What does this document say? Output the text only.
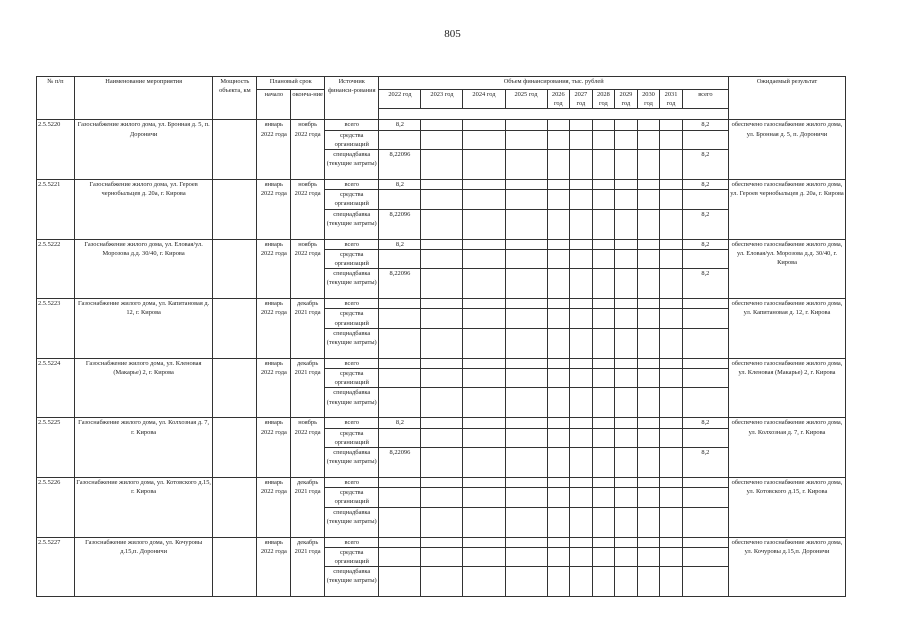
805
№ п/п	Наименование мероприятия	Мощность объекта, км	Плановый срок		Источник финанси-рования	Объем финансирования, тыс. рублей											Ожидаемый результат
			начало	оконча-ние		2022 год	2023 год	2024 год	2025 год	2026 год	2027 год	2028 год	2029 год	2030 год	2031 год	всего	

2.5.5220	Газоснабжение жилого дома, ул. Бронная д. 5, п. Дороничи		январь 2022 года	ноябрь 2022 года	всего	8,2										8,2	обеспечено газоснабжение жилого дома, ул. Бронная д. 5, п. Дороничи
					средства организаций												
					спецнадбавка (текущие затраты)	8,22096										8,2	
2.5.5221	Газоснабжение жилого дома, ул. Героев чернобыльцев д. 20а, г. Кирова		январь 2022 года	ноябрь 2022 года	всего	8,2										8,2	обеспечено газоснабжение жилого дома, ул. Героев чернобыльцев д. 20а, г. Кирова
					средства организаций												
					спецнадбавка (текущие затраты)	8,22096										8,2	
2.5.5222	Газоснабжение жилого дома, ул. Еловая/ул. Морозова д.д. 30/40, г. Кирова		январь 2022 года	ноябрь 2022 года	всего	8,2										8,2	обеспечено газоснабжение жилого дома, ул. Еловая/ул. Морозова д.д. 30/40, г. Кирова
					средства организаций												
					спецнадбавка (текущие затраты)	8,22096										8,2	
2.5.5223	Газоснабжение жилого дома, ул. Капитановая д. 12, г. Кирова		январь 2022 года	декабрь 2021 года	всего												обеспечено газоснабжение жилого дома, ул. Капитановая д. 12, г. Кирова
					средства организаций												
					спецнадбавка (текущие затраты)												
2.5.5224	Газоснабжение жилого дома, ул. Кленовая (Макарье) 2, г. Кирова		январь 2022 года	декабрь 2021 года	всего												обеспечено газоснабжение жилого дома, ул. Кленовая (Макарье) 2, г. Кирова
					средства организаций												
					спецнадбавка (текущие затраты)												
2.5.5225	Газоснабжение жилого дома, ул. Колхозная д. 7, г. Кирова		январь 2022 года	ноябрь 2022 года	всего	8,2										8,2	обеспечено газоснабжение жилого дома, ул. Колхозная д. 7, г. Кирова
					средства организаций												
					спецнадбавка (текущие затраты)	8,22096										8,2	
2.5.5226	Газоснабжение жилого дома, ул. Котовского д.15, г. Кирова		январь 2022 года	декабрь 2021 года	всего												обеспечено газоснабжение жилого дома, ул. Котовского д.15, г. Кирова
					средства организаций												
					спецнадбавка (текущие затраты)												
2.5.5227	Газоснабжение жилого дома, ул. Кочуровы д.15,п. Дороничи		январь 2022 года	декабрь 2021 года	всего												обеспечено газоснабжение жилого дома, ул. Кочуровы д.15,п. Дороничи
					средства организаций												
					спецнадбавка (текущие затраты)												
